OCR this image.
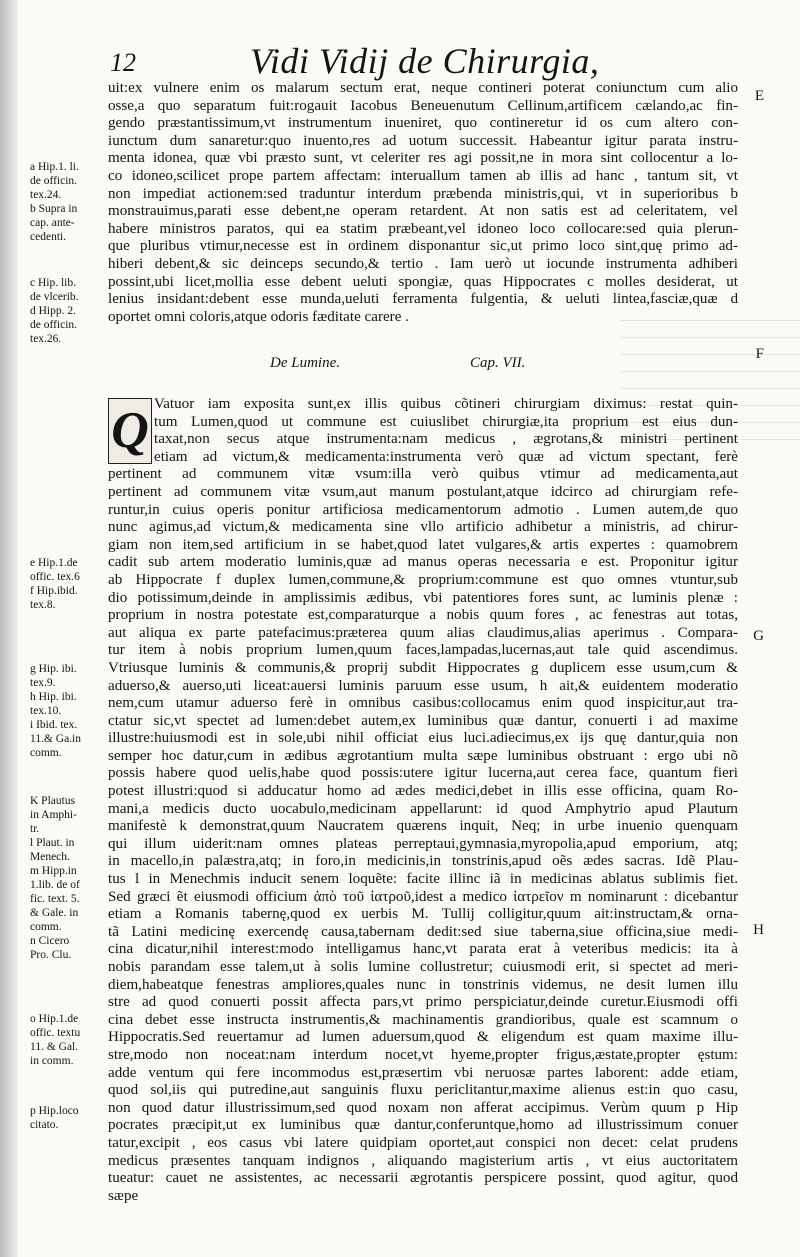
12	Vidi Vidij de Chirurgia,
E
F
G
H
uit:ex vulnere enim os malarum sectum erat, neque contineri poterat coniunctum cum alio
osse,a quo separatum fuit:rogauit Iacobus Beneuenutum Cellinum,artificem cælando,ac fin-
gendo præstantissimum,vt instrumentum inueniret, quo contineretur id os cum altero con-
iunctum dum sanaretur:quo inuento,res ad uotum successit. Habeantur igitur parata instru-
menta idonea, quæ vbi præsto sunt, vt celeriter res agi possit,ne in mora sint collocentur a lo-
co idoneo,scilicet prope partem affectam: interuallum tamen ab illis ad hanc , tantum sit, vt
non impediat actionem:sed traduntur interdum præbenda ministris,qui, vt in superioribus b
monstrauimus,parati esse debent,ne operam retardent. At non satis est ad celeritatem, vel
habere ministros paratos, qui ea statim præbeant,vel idoneo loco collocare:sed quia plerun-
que pluribus vtimur,necesse est in ordinem disponantur sic,ut primo loco sint,quę primo ad-
hiberi debent,& sic deinceps secundo,& tertio . Iam uerò ut iocunde instrumenta adhiberi
possint,ubi licet,mollia esse debent ueluti spongiæ, quas Hippocrates c molles desiderat, ut
lenius insidant:debent esse munda,ueluti ferramenta fulgentia, & ueluti lintea,fasciæ,quæ d
oportet omni coloris,atque odoris fæditate carere .
De Lumine.	Cap. VII.
Q Vatuor iam exposita sunt,ex illis quibus cõtineri chirurgiam diximus: restat quin-
tum Lumen,quod ut commune est cuiuslibet chirurgiæ,ita proprium est eius dun-
taxat,non secus atque instrumenta:nam medicus , ægrotans,& ministri pertinent
etiam ad victum,& medicamenta:instrumenta verò quæ ad victum spectant, ferè
pertinent ad communem vitæ vsum:illa verò quibus vtimur ad medicamenta,aut
pertinent ad communem vitæ vsum,aut manum postulant,atque idcirco ad chirurgiam refe-
runtur,in cuius operis ponitur artificiosa medicamentorum admotio . Lumen autem,de quo
nunc agimus,ad victum,& medicamenta sine vllo artificio adhibetur a ministris, ad chirur-
giam non item,sed artificium in se habet,quod latet vulgares,& artis expertes : quamobrem
cadit sub artem moderatio luminis,quæ ad manus operas necessaria e est. Proponitur igitur
ab Hippocrate f duplex lumen,commune,& proprium:commune est quo omnes vtuntur,sub
dio potissimum,deinde in amplissimis ædibus, vbi patentiores fores sunt, ac luminis plenæ :
proprium in nostra potestate est,comparaturque a nobis quum fores , ac fenestras aut totas,
aut aliqua ex parte patefacimus:præterea quum alias claudimus,alias aperimus . Compara-
tur item à nobis proprium lumen,quum faces,lampadas,lucernas,aut tale quid ascendimus.
Vtriusque luminis & communis,& proprij subdit Hippocrates g duplicem esse usum,cum &
aduerso,& auerso,uti liceat:auersi luminis paruum esse usum, h ait,& euidentem moderatio
nem,cum utamur aduerso ferè in omnibus casibus:collocamus enim quod inspicitur,aut tra-
ctatur sic,vt spectet ad lumen:debet autem,ex luminibus quæ dantur, conuerti i ad maxime
illustre:huiusmodi est in sole,ubi nihil officiat eius luci.adiecimus,ex ijs quę dantur,quia non
semper hoc datur,cum in ædibus ægrotantium multa sæpe luminibus obstruant : ergo ubi nõ
possis habere quod uelis,habe quod possis:utere igitur lucerna,aut cerea face, quantum fieri
potest illustri:quod si adducatur homo ad ædes medici,debet in illis esse officina, quam Ro-
mani,a medicis ducto uocabulo,medicinam appellarunt: id quod Amphytrio apud Plautum
manifestè k demonstrat,quum Naucratem quærens inquit, Neq; in urbe inuenio quenquam
qui illum uiderit:nam omnes plateas perreptaui,gymnasia,myropolia,apud emporium, atq;
in macello,in palæstra,atq; in foro,in medicinis,in tonstrinis,apud oẽs ædes sacras. Idẽ Plau-
tus l in Menechmis inducit senem loquẽte: facite illinc iã in medicinas ablatus sublimis fiet.
Sed græci ẽt eiusmodi officium ἀπὸ τοῦ ἰατροῦ,idest a medico ἰατρεῖον m nominarunt : dicebantur
etiam a Romanis tabernę,quod ex uerbis M. Tullij colligitur,quum ait:instructam,& orna-
tã Latini medicinę exercendę causa,tabernam dedit:sed siue taberna,siue officina,siue medi-
cina dicatur,nihil interest:modo intelligamus hanc,vt parata erat à veteribus medicis: ita à
nobis parandam esse talem,ut à solis lumine collustretur; cuiusmodi erit, si spectet ad meri-
diem,habeatque fenestras ampliores,quales nunc in tonstrinis videmus, ne desit lumen illu
stre ad quod conuerti possit affecta pars,vt primo perspiciatur,deinde curetur.Eiusmodi offi
cina debet esse instructa instrumentis,& machinamentis grandioribus, quale est scamnum o
Hippocratis.Sed reuertamur ad lumen aduersum,quod & eligendum est quam maxime illu-
stre,modo non noceat:nam interdum nocet,vt hyeme,propter frigus,æstate,propter ęstum:
adde ventum qui fere incommodus est,præsertim vbi neruosæ partes laborent: adde etiam,
quod sol,iis qui putredine,aut sanguinis fluxu periclitantur,maxime alienus est:in quo casu,
non quod datur illustrissimum,sed quod noxam non afferat accipimus. Verùm quum p Hip
pocrates præcipit,ut ex luminibus quæ dantur,conferuntque,homo ad illustrissimum conuer
tatur,excipit , eos casus vbi latere quidpiam oportet,aut conspici non decet: celat prudens
medicus præsentes tanquam indignos , aliquando magisterium artis , vt eius auctoritatem
tueatur: cauet ne assistentes, ac necessarii ægrotantis perspicere possint, quod agitur, quod
sæpe
a Hip.1. li.
de officin.
tex.24.
b Supra in
cap. ante-
cedenti.
c Hip. lib.
de vlcerib.
d Hipp. 2.
de officin.
tex.26.
e Hip.1.de
offic. tex.6
f Hip.ibid.
tex.8.
g Hip. ibi.
tex.9.
h Hip. ibi.
tex.10.
i Ibid. tex.
11.& Ga.in
comm.
K Plautus
in Amphi-
tr.
l Plaut. in
Menech.
m Hipp.in
1.lib. de of
fic. text. 5.
& Gale. in
comm.
n Cicero
Pro. Clu.
o Hip.1.de
offic. textu
11. & Gal.
in comm.
p Hip.loco
citato.
